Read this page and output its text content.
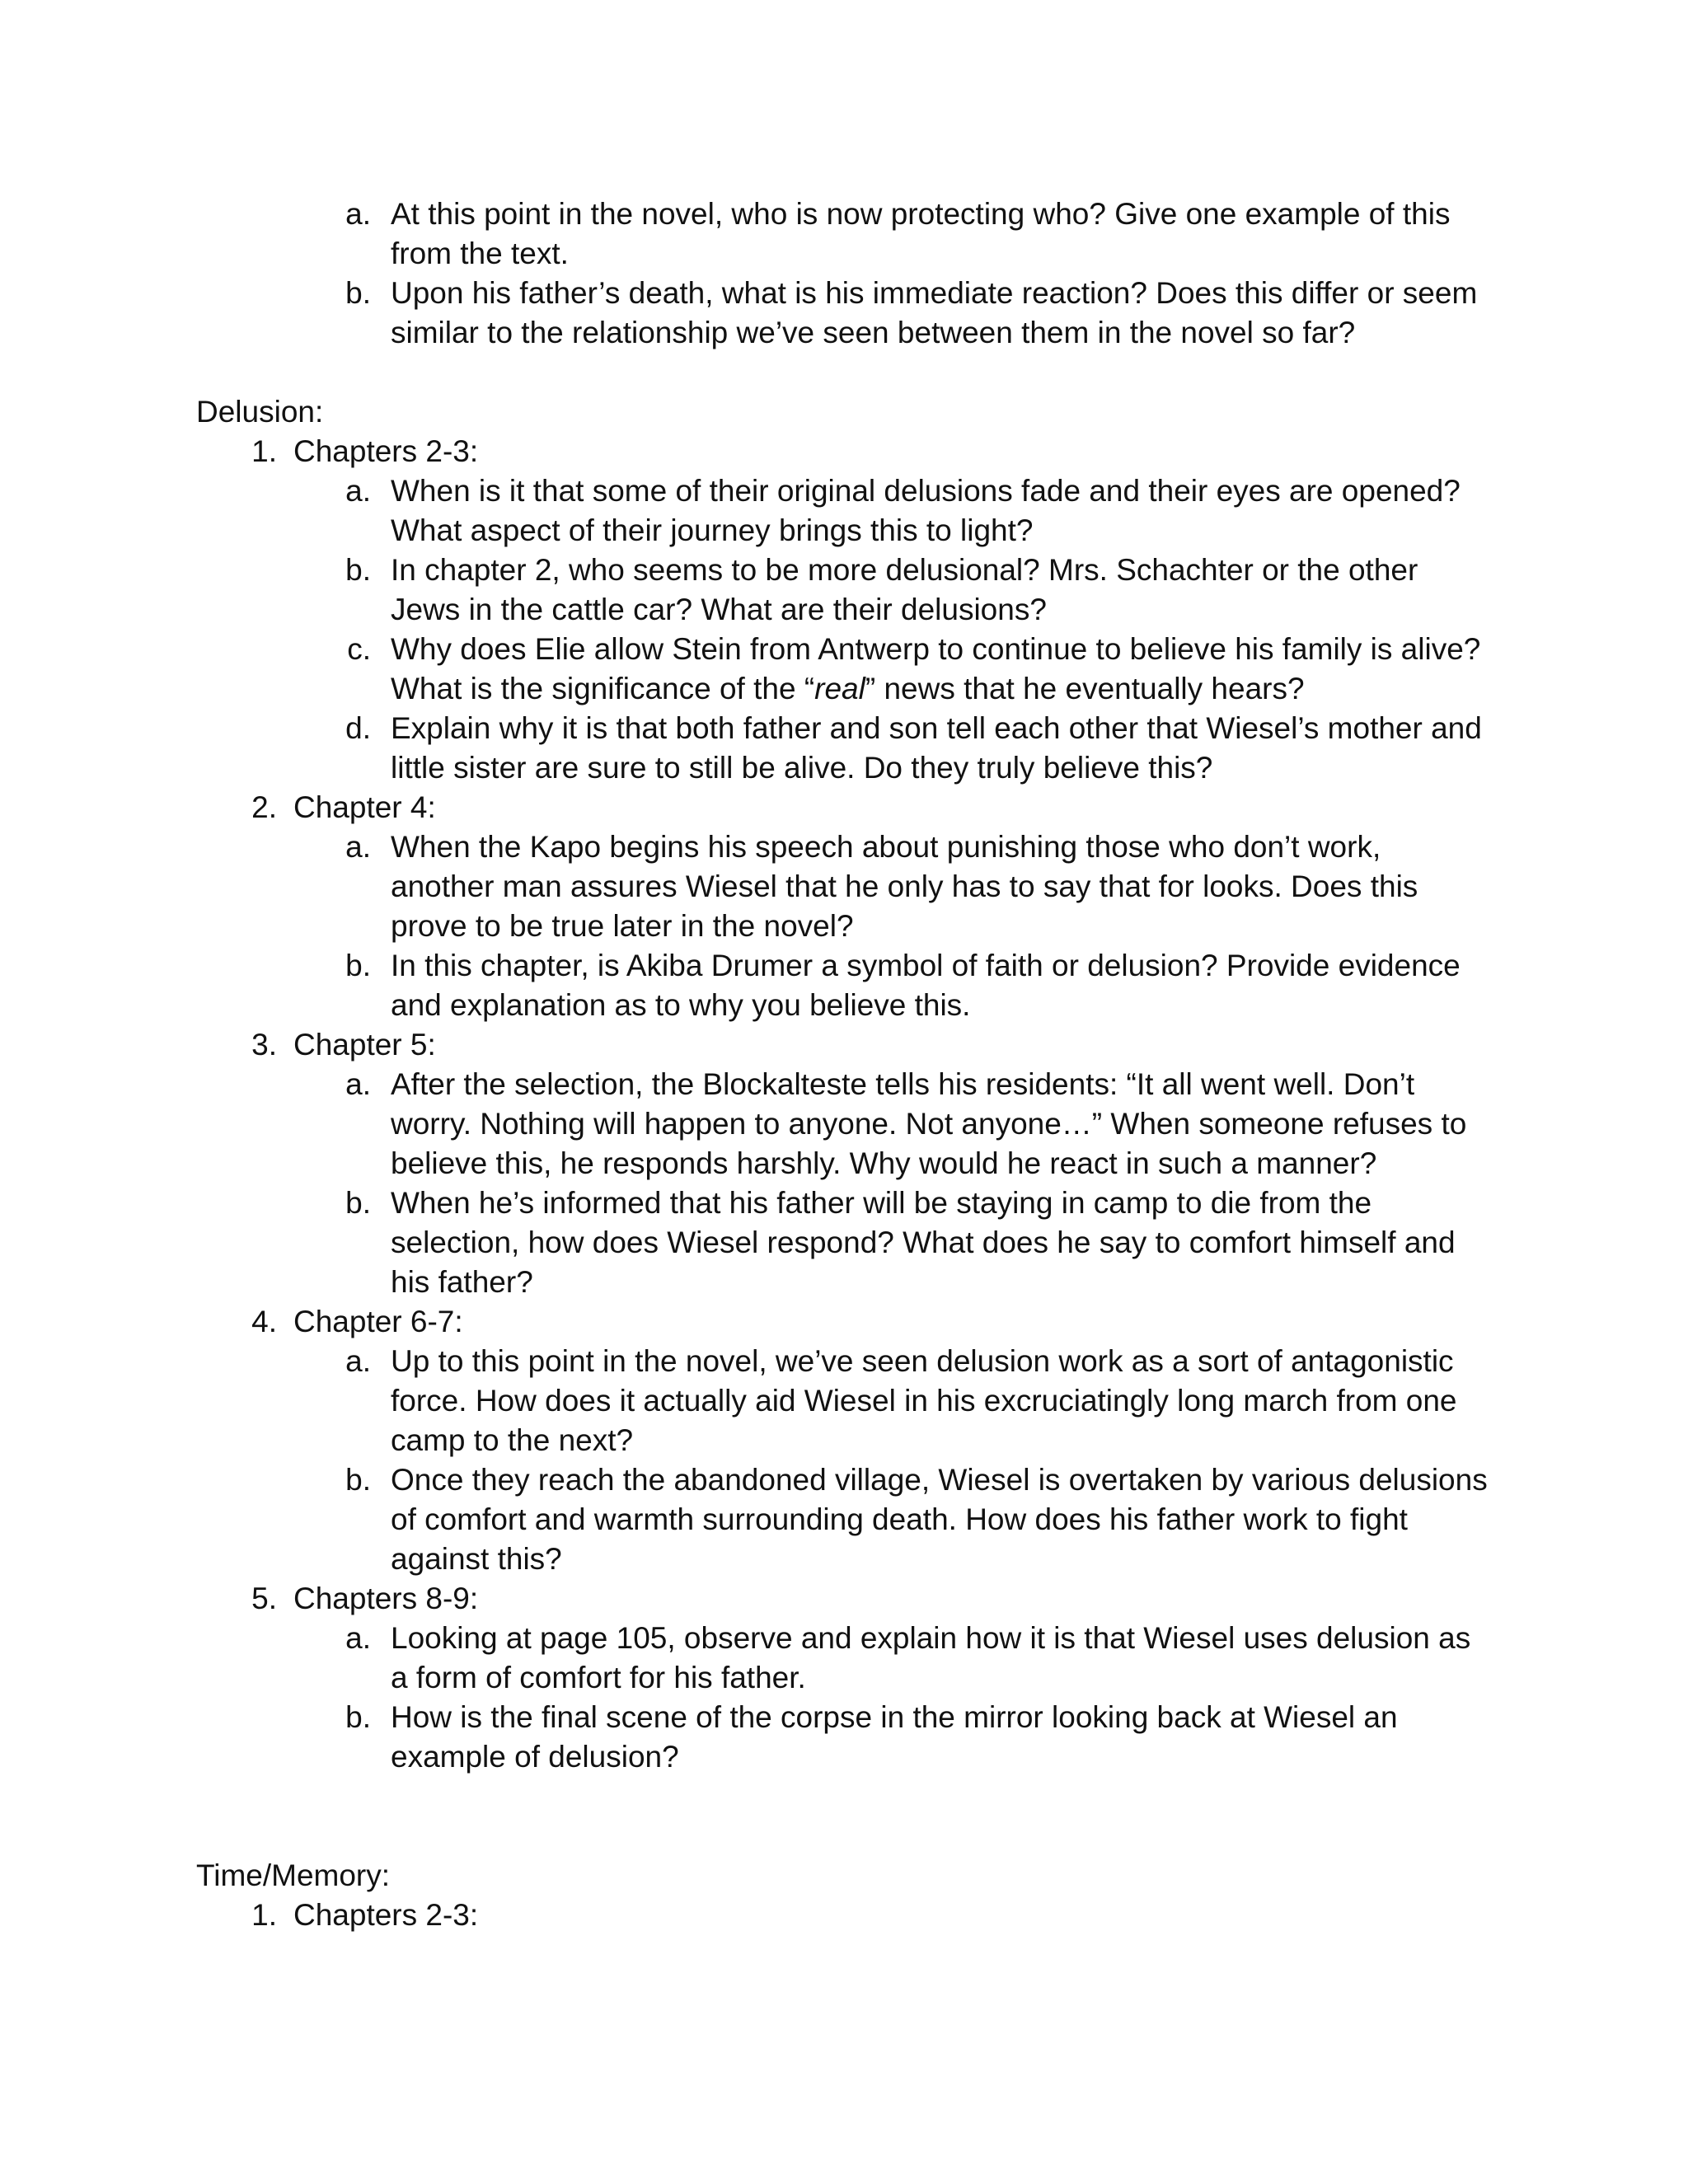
a. At this point in the novel, who is now protecting who? Give one example of this
from the text.
b. Upon his father’s death, what is his immediate reaction? Does this differ or seem
similar to the relationship we’ve seen between them in the novel so far?
Delusion:
1. Chapters 2-3:
a. When is it that some of their original delusions fade and their eyes are opened?
What aspect of their journey brings this to light?
b. In chapter 2, who seems to be more delusional? Mrs. Schachter or the other
Jews in the cattle car? What are their delusions?
c. Why does Elie allow Stein from Antwerp to continue to believe his family is alive?
What is the significance of the “real” news that he eventually hears?
d. Explain why it is that both father and son tell each other that Wiesel’s mother and
little sister are sure to still be alive. Do they truly believe this?
2. Chapter 4:
a. When the Kapo begins his speech about punishing those who don’t work,
another man assures Wiesel that he only has to say that for looks. Does this
prove to be true later in the novel?
b. In this chapter, is Akiba Drumer a symbol of faith or delusion? Provide evidence
and explanation as to why you believe this.
3. Chapter 5:
a. After the selection, the Blockalteste tells his residents: “It all went well. Don’t
worry. Nothing will happen to anyone. Not anyone…” When someone refuses to
believe this, he responds harshly. Why would he react in such a manner?
b. When he’s informed that his father will be staying in camp to die from the
selection, how does Wiesel respond? What does he say to comfort himself and
his father?
4. Chapter 6-7:
a. Up to this point in the novel, we’ve seen delusion work as a sort of antagonistic
force. How does it actually aid Wiesel in his excruciatingly long march from one
camp to the next?
b. Once they reach the abandoned village, Wiesel is overtaken by various delusions
of comfort and warmth surrounding death. How does his father work to fight
against this?
5. Chapters 8-9:
a. Looking at page 105, observe and explain how it is that Wiesel uses delusion as
a form of comfort for his father.
b. How is the final scene of the corpse in the mirror looking back at Wiesel an
example of delusion?
Time/Memory:
1. Chapters 2-3:
